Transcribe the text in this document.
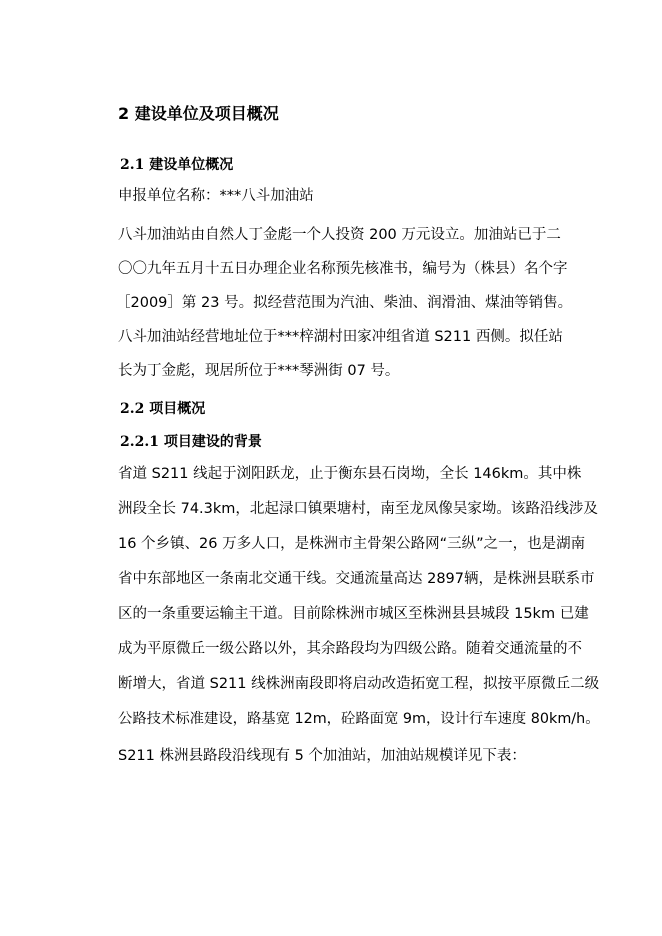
2 建设单位及项目概况
2.1 建设单位概况
申报单位名称：***八斗加油站
八斗加油站由自然人丁金彪一个人投资 200 万元设立。加油站已于二
〇〇九年五月十五日办理企业名称预先核准书，编号为（株县）名个字
［2009］第 23 号。拟经营范围为汽油、柴油、润滑油、煤油等销售。
八斗加油站经营地址位于***梓湖村田家冲组省道 S211 西侧。拟任站
长为丁金彪，现居所位于***琴洲街 07 号。
2.2 项目概况
2.2.1 项目建设的背景
省道 S211 线起于浏阳跃龙，止于衡东县石岗坳，全长 146km。其中株
洲段全长 74.3km，北起渌口镇栗塘村，南至龙凤像吴家坳。该路沿线涉及
16 个乡镇、26 万多人口，是株洲市主骨架公路网“三纵”之一，也是湖南
省中东部地区一条南北交通干线。交通流量高达 2897辆，是株洲县联系市
区的一条重要运输主干道。目前除株洲市城区至株洲县县城段 15km 已建
成为平原微丘一级公路以外，其余路段均为四级公路。随着交通流量的不
断增大，省道 S211 线株洲南段即将启动改造拓宽工程，拟按平原微丘二级
公路技术标准建设，路基宽 12m，砼路面宽 9m，设计行车速度 80km/h。
S211 株洲县路段沿线现有 5 个加油站，加油站规模详见下表：
